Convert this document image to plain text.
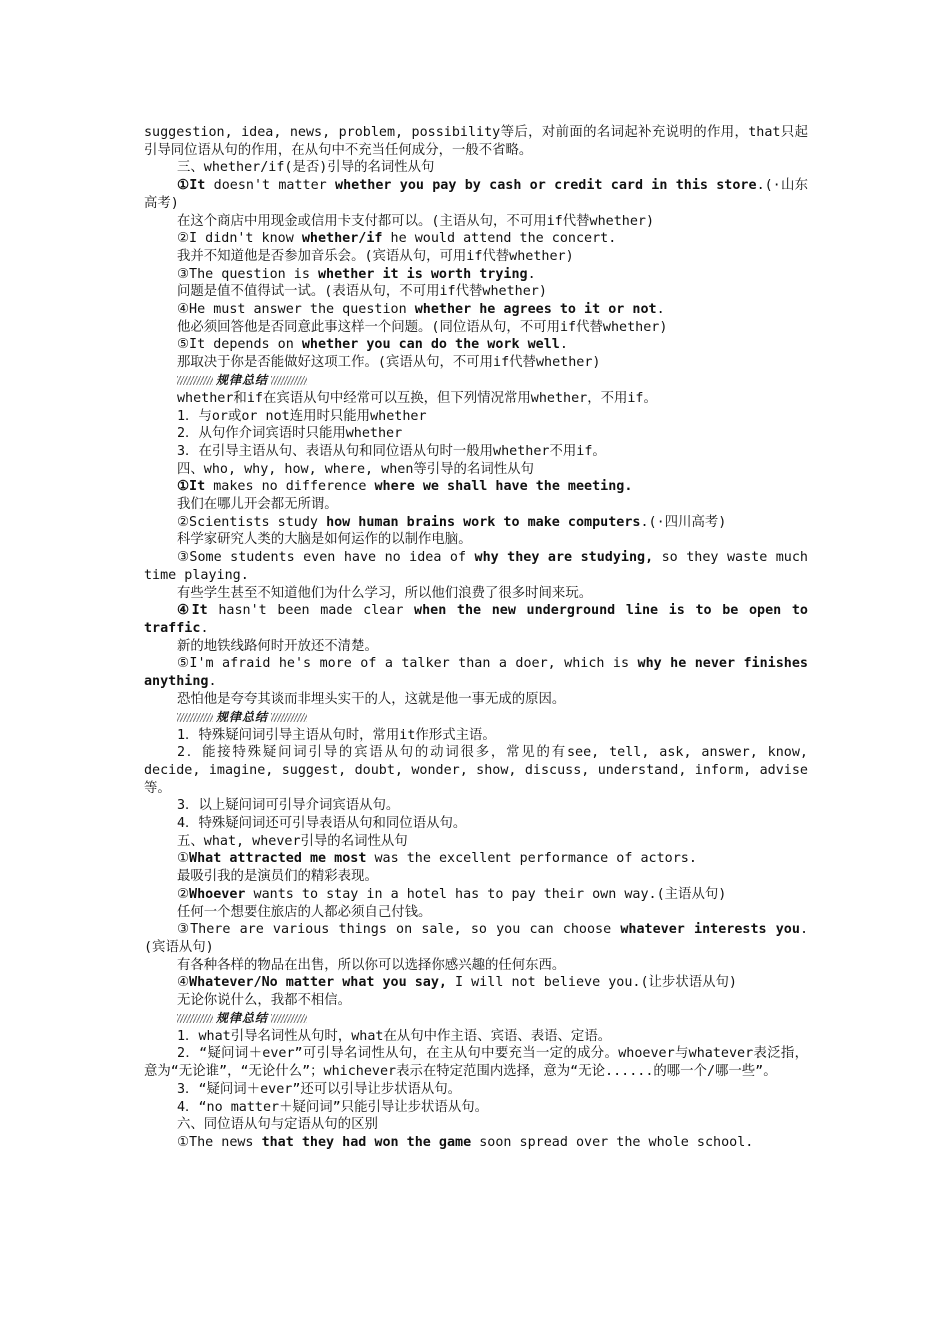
suggestion, idea, news, problem, possibility等后，对前面的名词起补充说明的作用，that只起引导同位语从句的作用，在从句中不充当任何成分，一般不省略。

三、whether/if(是否)引导的名词性从句

①It doesn't matter whether you pay by cash or credit card in this store.(·山东高考)

在这个商店中用现金或信用卡支付都可以。(主语从句，不可用if代替whether)

②I didn't know whether/if he would attend the concert.

我并不知道他是否参加音乐会。(宾语从句，可用if代替whether)

③The question is whether it is worth trying.

问题是值不值得试一试。(表语从句，不可用if代替whether)

④He must answer the question whether he agrees to it or not.

他必须回答他是否同意此事这样一个问题。(同位语从句，不可用if代替whether)

⑤It depends on whether you can do the work well.

那取决于你是否能做好这项工作。(宾语从句，不可用if代替whether)

规律总结

whether和if在宾语从句中经常可以互换，但下列情况常用whether，不用if。

1．与or或or not连用时只能用whether

2．从句作介词宾语时只能用whether

3．在引导主语从句、表语从句和同位语从句时一般用whether不用if。

四、who, why, how, where, when等引导的名词性从句

①It makes no difference where we shall have the meeting.

我们在哪儿开会都无所谓。

②Scientists study how human brains work to make computers.(·四川高考)

科学家研究人类的大脑是如何运作的以制作电脑。

③Some students even have no idea of why they are studying, so they waste much time playing.

有些学生甚至不知道他们为什么学习，所以他们浪费了很多时间来玩。

④It hasn't been made clear when the new underground line is to be open to traffic.

新的地铁线路何时开放还不清楚。

⑤I'm afraid he's more of a talker than a doer, which is why he never finishes anything.

恐怕他是夸夸其谈而非埋头实干的人，这就是他一事无成的原因。

规律总结

1．特殊疑问词引导主语从句时，常用it作形式主语。

2．能接特殊疑问词引导的宾语从句的动词很多，常见的有see, tell, ask, answer, know, decide, imagine, suggest, doubt, wonder, show, discuss, understand, inform, advise等。

3．以上疑问词可引导介词宾语从句。

4．特殊疑问词还可引导表语从句和同位语从句。

五、what, whever引导的名词性从句

①What attracted me most was the excellent performance of actors.

最吸引我的是演员们的精彩表现。

②Whoever wants to stay in a hotel has to pay their own way.(主语从句)

任何一个想要住旅店的人都必须自己付钱。

③There are various things on sale, so you can choose whatever interests you.(宾语从句)

有各种各样的物品在出售，所以你可以选择你感兴趣的任何东西。

④Whatever/No matter what you say, I will not believe you.(让步状语从句)

无论你说什么，我都不相信。

规律总结

1．what引导名词性从句时，what在从句中作主语、宾语、表语、定语。

2．“疑问词＋ever”可引导名词性从句，在主从句中要充当一定的成分。whoever与whatever表泛指，意为“无论谁”，“无论什么”；whichever表示在特定范围内选择，意为“无论......的哪一个/哪一些”。

3．“疑问词＋ever”还可以引导让步状语从句。

4．“no matter＋疑问词”只能引导让步状语从句。

六、同位语从句与定语从句的区别

①The news that they had won the game soon spread over the whole school.
